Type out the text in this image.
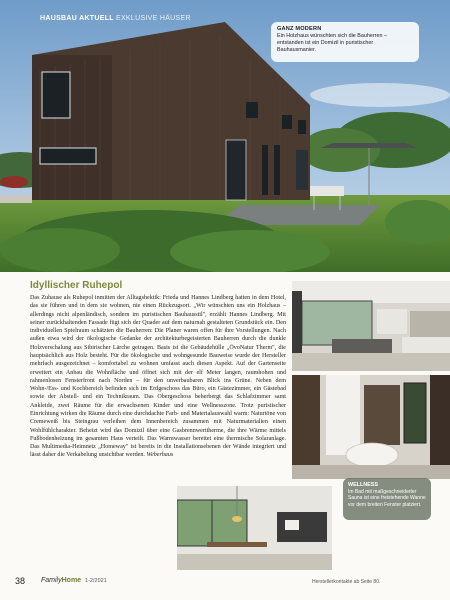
HAUSBAU AKTUELL EXKLUSIVE HÄUSER
GANZ MODERN
Ein Holzhaus wünschten sich die Bauherren – entstanden ist ein Domizil in puristischer Bauhausmanier.
Idyllischer Ruhepol

Das Zuhause als Ruhepol inmitten der Alltagshektik: Frieda und Hannes Lindberg hatten in dem Hotel, das sie führen und in dem sie wohnen, nie einen Rückzugsort. „Wir wünschten uns ein Holzhaus – allerdings nicht alpenländisch, sondern im puristischen Bauhausstil", erzählt Hannes Lindberg. Mit seiner zurückhaltenden Fassade fügt sich der Quader auf dem naturnah gestalteten Grundstück ein. Den individuellen Spielraum schätzten die Bauherren: Die Planer waren offen für ihre Vorstellungen. Nach außen etwa wird der ökologische Gedanke der architekturbegeisterten Bauherren durch die dunkle Holzverschalung aus Sibirischer Lärche getragen. Basis ist die Gebäudehülle „ÖvoNatur Therm", die hauptsächlich aus Holz besteht. Für die ökologische und wohngesunde Bauweise wurde der Hersteller mehrfach ausgezeichnet – komfortabel zu wohnen umfasst auch diesen Aspekt. Auf der Gartenseite erweitert ein Anbau die Wohnfläche und öffnet sich mit der elf Meter langen, raumhohen und rahmenlosen Fensterfront nach Norden – für den unverbaubaren Blick ins Grüne. Neben dem Wohn-/Ess- und Kochbereich befinden sich im Erdgeschoss das Büro, ein Gästezimmer, ein Gästebad sowie der Abstell- und ein Technikraum. Das Obergeschoss beherbergt das Schlafzimmer samt Ankleide, zwei Räume für die erwachsenen Kinder und eine Wellnesszone. Trotz puristischer Einrichtung wirken die Räume durch eine durchdachte Farb- und Materialauswahl warm: Naturtöne von Cremeweiß bis Steingrau verleihen dem Innenbereich zusammen mit Naturmaterialien einen Wohlfühlcharakter. Beheizt wird das Domizil über eine Gasbrennwerttherme, die ihre Wärme mittels Fußbodenheizung im gesamten Haus verteilt. Das Warmwasser bereitet eine thermische Solaranlage. Das Multimedia-Heimnetz „Homeway" ist bereits in die Installationsebenen der Wände integriert und lässt daher die Verkabelung unsichtbar werden. Weberhaus

WELLNESS
Im Bad mit maßgeschneiderter Sauna ist eine freistehende Wanne vor dem breiten Fenster platziert.
38 FamilyHome 1-2/2021	Herstellerkontakte ab Seite 80.
